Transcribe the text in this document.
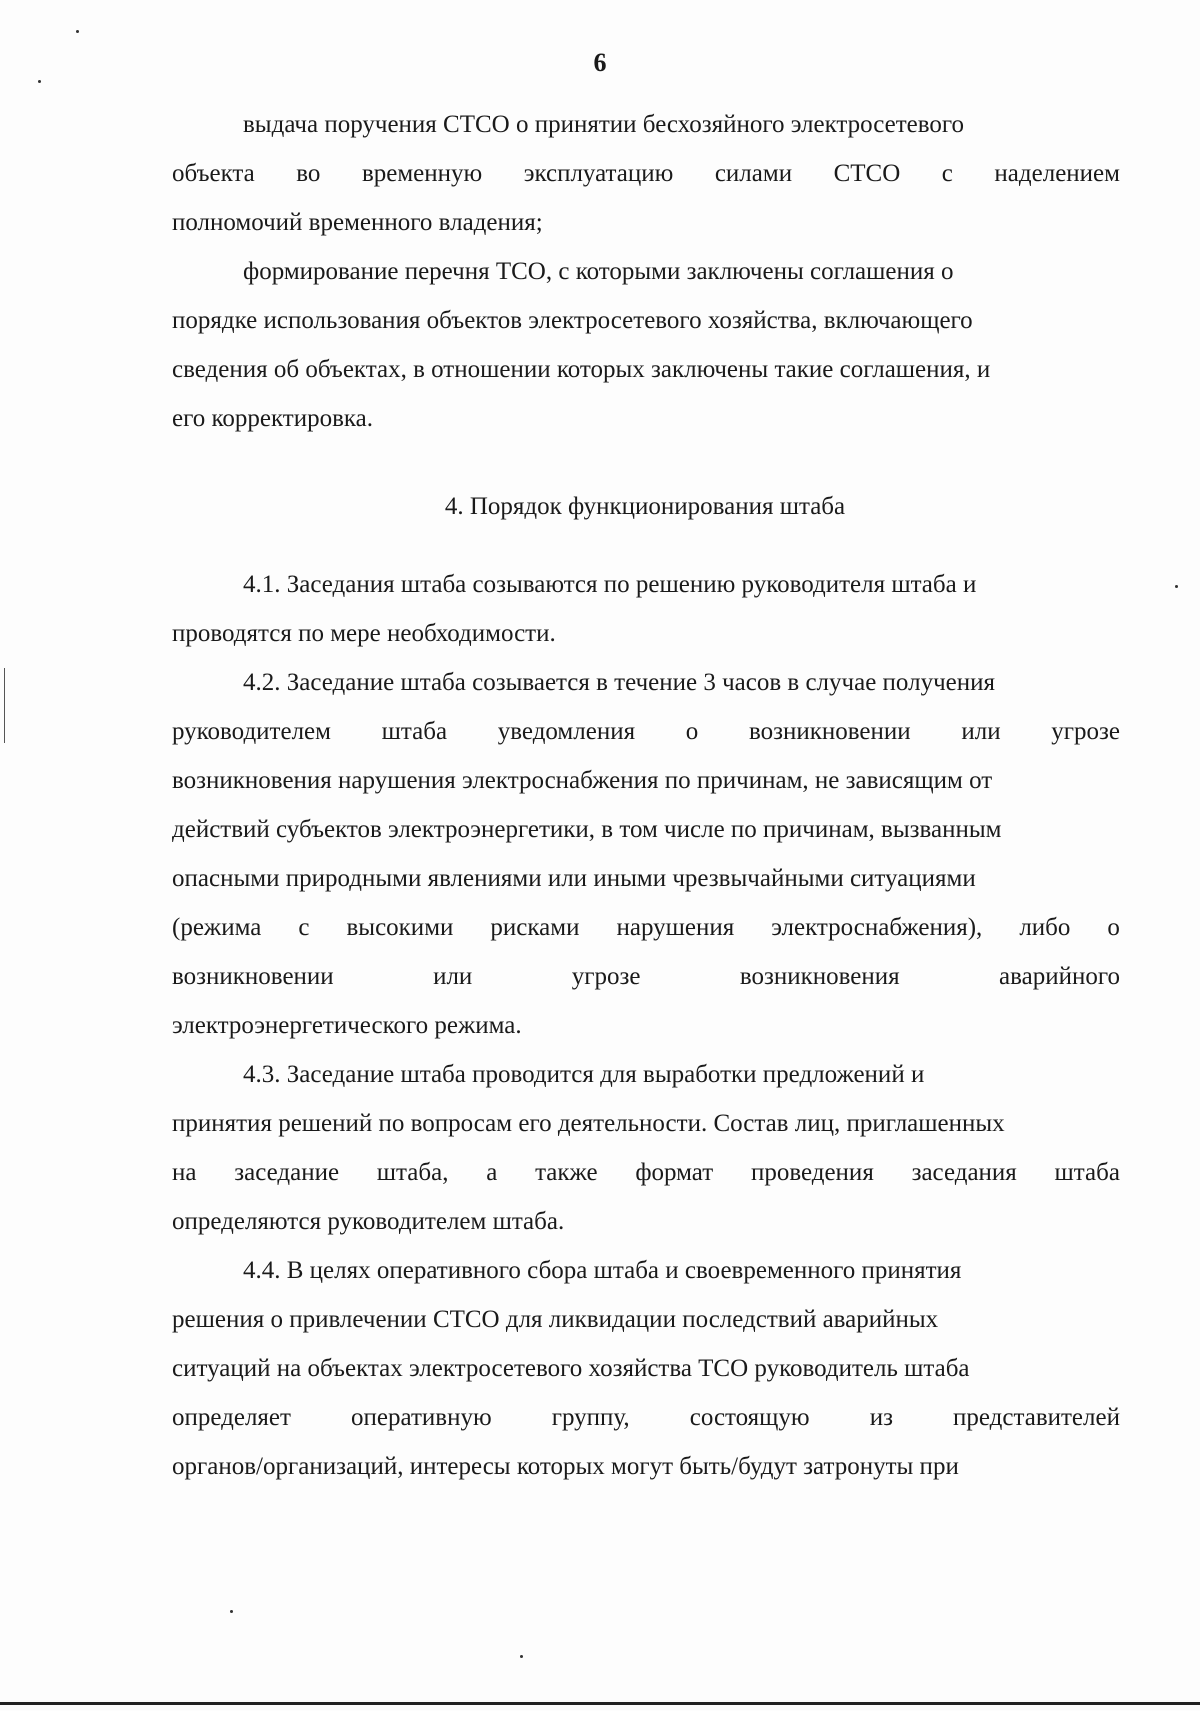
6
выдача поручения СТСО о принятии бесхозяйного электросетевого
объекта во временную эксплуатацию силами СТСО с наделением
полномочий временного владения;
формирование перечня ТСО, с которыми заключены соглашения о
порядке использования объектов электросетевого хозяйства, включающего
сведения об объектах, в отношении которых заключены такие соглашения, и
его корректировка.
4. Порядок функционирования штаба
4.1. Заседания штаба созываются по решению руководителя штаба и
проводятся по мере необходимости.
4.2. Заседание штаба созывается в течение 3 часов в случае получения
руководителем штаба уведомления о возникновении или угрозе
возникновения нарушения электроснабжения по причинам, не зависящим от
действий субъектов электроэнергетики, в том числе по причинам, вызванным
опасными природными явлениями или иными чрезвычайными ситуациями
(режима с высокими рисками нарушения электроснабжения), либо о
возникновении	или	угрозе	возникновения	аварийного
электроэнергетического режима.
4.3. Заседание штаба проводится для выработки предложений и
принятия решений по вопросам его деятельности. Состав лиц, приглашенных
на заседание штаба, а также формат проведения заседания штаба
определяются руководителем штаба.
4.4. В целях оперативного сбора штаба и своевременного принятия
решения о привлечении СТСО для ликвидации последствий аварийных
ситуаций на объектах электросетевого хозяйства ТСО руководитель штаба
определяет оперативную группу, состоящую из представителей
органов/организаций, интересы которых могут быть/будут затронуты при
